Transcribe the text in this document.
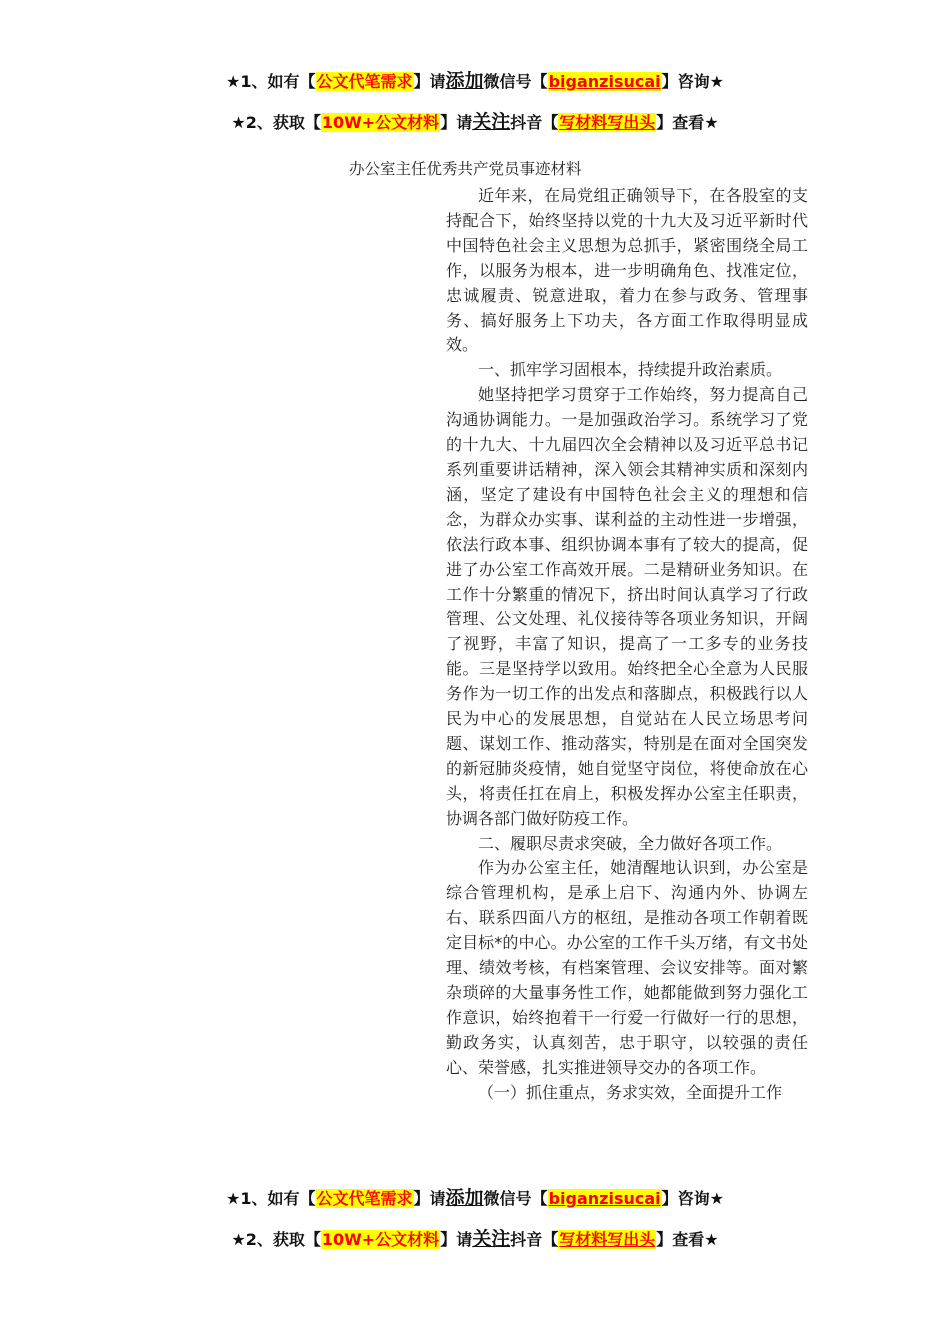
★1、如有【公文代笔需求】请添加微信号【biganzisucai】咨询★
★2、获取【10W+公文材料】请关注抖音【写材料写出头】查看★
办公室主任优秀共产党员事迹材料

近年来，在局党组正确领导下，在各股室的支持配合下，始终坚持以党的十九大及习近平新时代中国特色社会主义思想为总抓手，紧密围绕全局工作，以服务为根本，进一步明确角色、找准定位，忠诚履责、锐意进取，着力在参与政务、管理事务、搞好服务上下功夫，各方面工作取得明显成效。

一、抓牢学习固根本，持续提升政治素质。

她坚持把学习贯穿于工作始终，努力提高自己沟通协调能力。一是加强政治学习。系统学习了党的十九大、十九届四次全会精神以及习近平总书记系列重要讲话精神，深入领会其精神实质和深刻内涵，坚定了建设有中国特色社会主义的理想和信念，为群众办实事、谋利益的主动性进一步增强，依法行政本事、组织协调本事有了较大的提高，促进了办公室工作高效开展。二是精研业务知识。在工作十分繁重的情况下，挤出时间认真学习了行政管理、公文处理、礼仪接待等各项业务知识，开阔了视野，丰富了知识，提高了一工多专的业务技能。三是坚持学以致用。始终把全心全意为人民服务作为一切工作的出发点和落脚点，积极践行以人民为中心的发展思想，自觉站在人民立场思考问题、谋划工作、推动落实，特别是在面对全国突发的新冠肺炎疫情，她自觉坚守岗位，将使命放在心头，将责任扛在肩上，积极发挥办公室主任职责，协调各部门做好防疫工作。

二、履职尽责求突破，全力做好各项工作。

作为办公室主任，她清醒地认识到，办公室是综合管理机构，是承上启下、沟通内外、协调左右、联系四面八方的枢纽，是推动各项工作朝着既定目标*的中心。办公室的工作千头万绪，有文书处理、绩效考核，有档案管理、会议安排等。面对繁杂琐碎的大量事务性工作，她都能做到努力强化工作意识，始终抱着干一行爱一行做好一行的思想，勤政务实，认真刻苦，忠于职守，以较强的责任心、荣誉感，扎实推进领导交办的各项工作。

（一）抓住重点，务求实效，全面提升工作

★1、如有【公文代笔需求】请添加微信号【biganzisucai】咨询★
★2、获取【10W+公文材料】请关注抖音【写材料写出头】查看★
